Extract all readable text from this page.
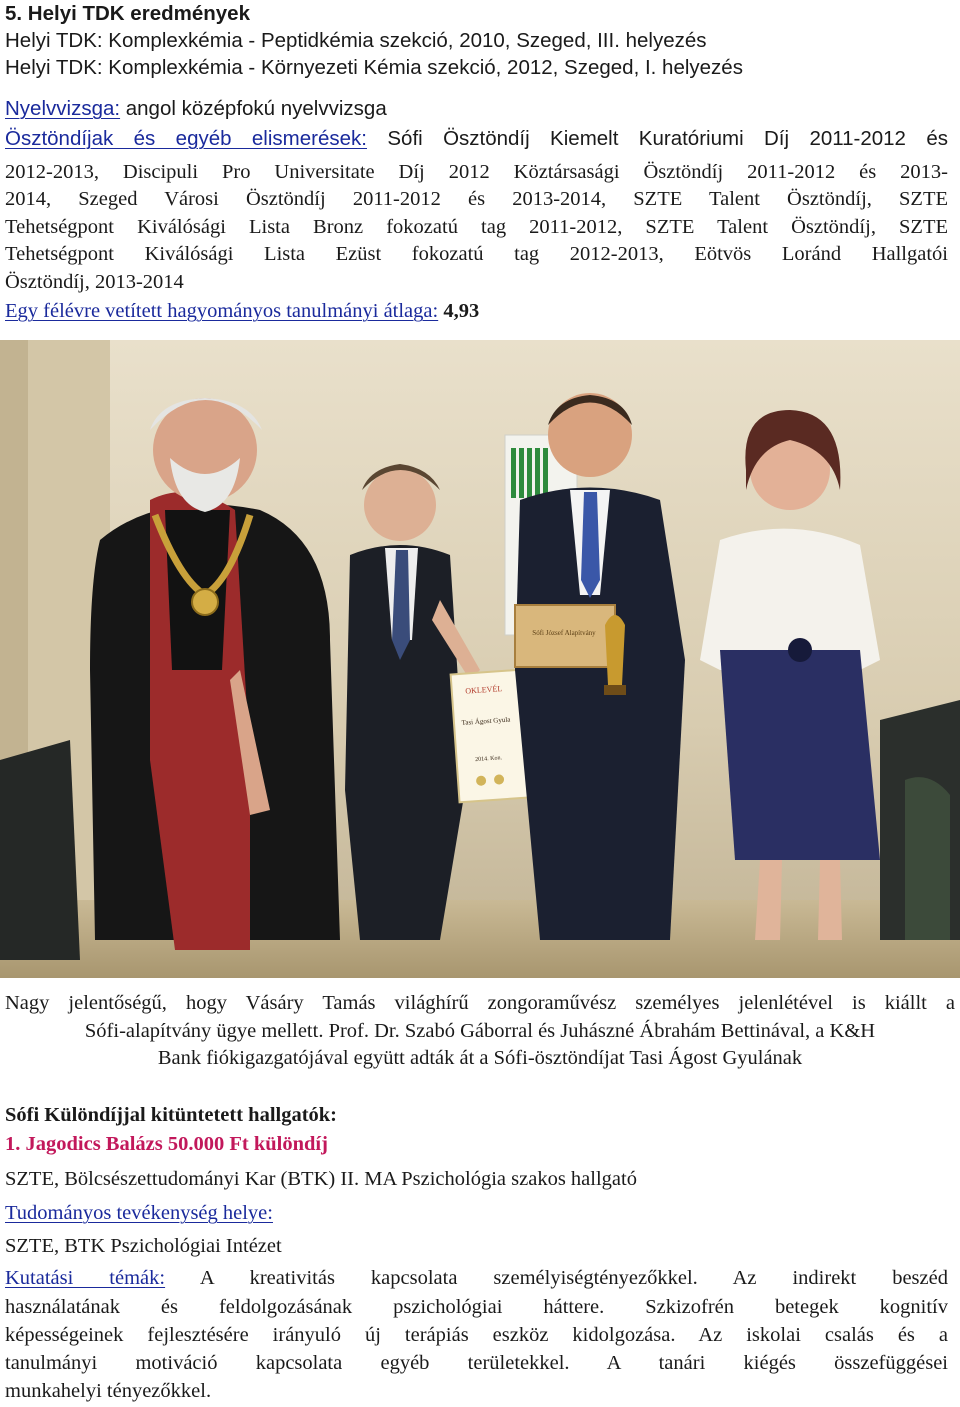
5. Helyi TDK eredmények
Helyi TDK: Komplexkémia - Peptidkémia szekció, 2010, Szeged, III. helyezés
Helyi TDK: Komplexkémia - Környezeti Kémia szekció, 2012, Szeged, I. helyezés
Nyelvvizsga: angol középfokú nyelvvizsga
Ösztöndíjak és egyéb elismerések: Sófi Ösztöndíj Kiemelt Kuratóriumi Díj 2011-2012 és
2012-2013, Discipuli Pro Universitate Díj 2012 Köztársasági Ösztöndíj 2011-2012 és 2013-
2014, Szeged Városi Ösztöndíj 2011-2012 és 2013-2014, SZTE Talent Ösztöndíj, SZTE
Tehetségpont Kiválósági Lista Bronz fokozatú tag 2011-2012, SZTE Talent Ösztöndíj, SZTE
Tehetségpont Kiválósági Lista Ezüst fokozatú tag 2012-2013, Eötvös Loránd Hallgatói
Ösztöndíj, 2013-2014
Egy félévre vetített hagyományos tanulmányi átlaga: 4,93
OKLEVÉL
Tasi Ágost Gyula
2014. Kon.
Sófi József Alapítvány
Nagy jelentőségű, hogy Vásáry Tamás világhírű zongoraművész személyes jelenlétével is kiállt a
Sófi-alapítvány ügye mellett. Prof. Dr. Szabó Gáborral és Juhászné Ábrahám Bettinával, a K&H
Bank fiókigazgatójával együtt adták át a Sófi-ösztöndíjat Tasi Ágost Gyulának
Sófi Különdíjjal kitüntetett hallgatók:
1. Jagodics Balázs 50.000 Ft különdíj
SZTE, Bölcsészettudományi Kar (BTK) II. MA Pszichológia szakos hallgató
Tudományos tevékenység helye:
SZTE, BTK Pszichológiai Intézet
Kutatási témák: A kreativitás kapcsolata személyiségtényezőkkel. Az indirekt beszéd
használatának és feldolgozásának pszichológiai háttere. Szkizofrén betegek kognitív
képességeinek fejlesztésére irányuló új terápiás eszköz kidolgozása. Az iskolai csalás és a
tanulmányi motiváció kapcsolata egyéb területekkel. A tanári kiégés összefüggései
munkahelyi tényezőkkel.
